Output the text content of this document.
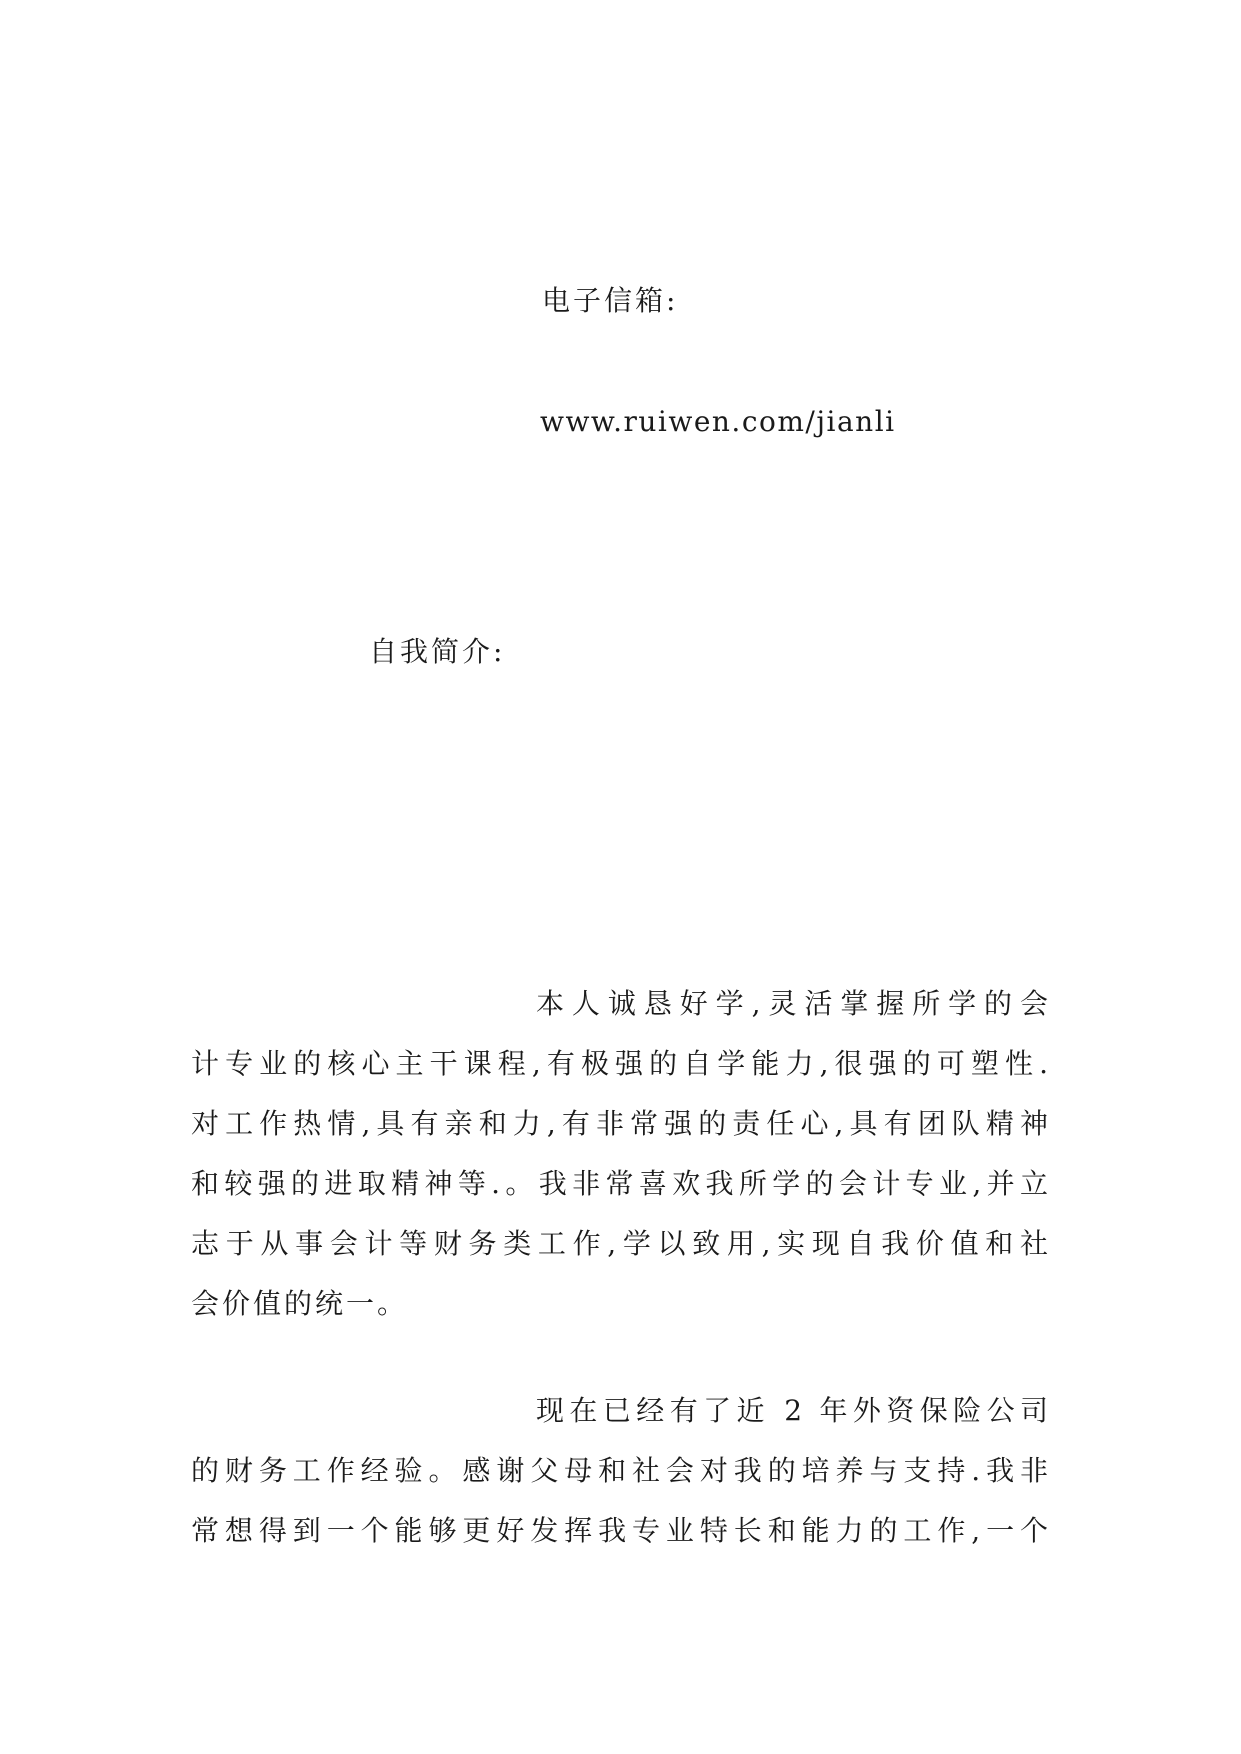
电子信箱:

www.ruiwen.com/jianli

自我简介:

本人诚恳好学,灵活掌握所学的会
计专业的核心主干课程,有极强的自学能力,很强的可塑性.
对工作热情,具有亲和力,有非常强的责任心,具有团队精神
和较强的进取精神等.。我非常喜欢我所学的会计专业,并立
志于从事会计等财务类工作,学以致用,实现自我价值和社
会价值的统一。
现在已经有了近 2 年外资保险公司
的财务工作经验。感谢父母和社会对我的培养与支持.我非
常想得到一个能够更好发挥我专业特长和能力的工作,一个
